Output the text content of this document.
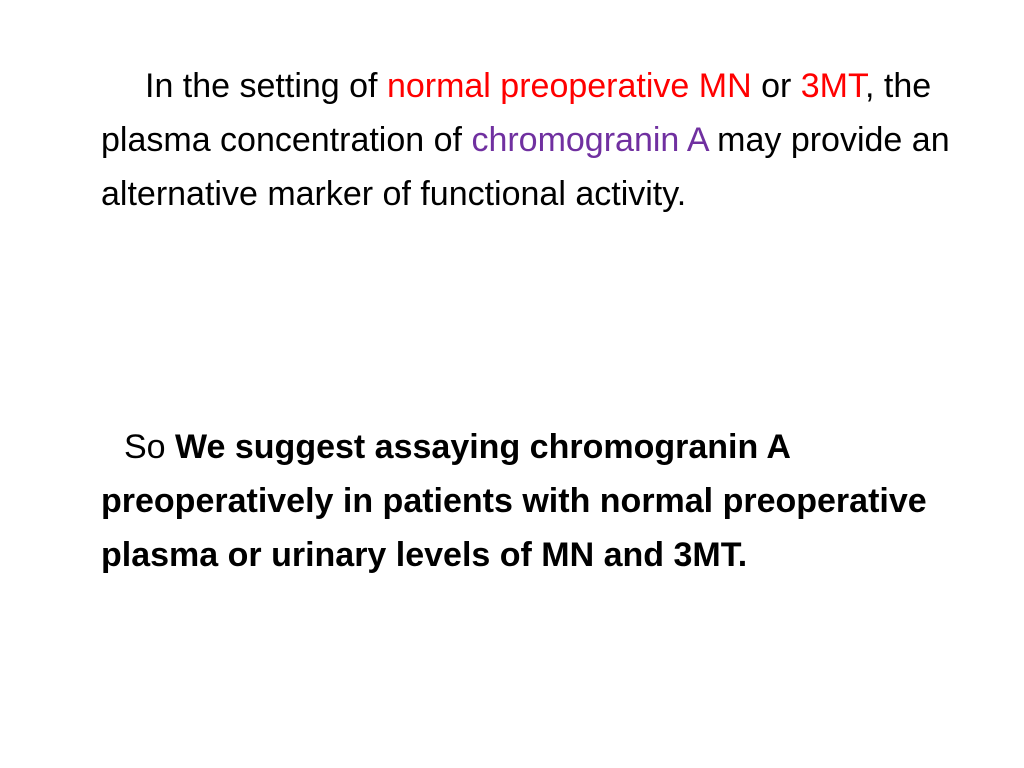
In the setting of normal preoperative MN or 3MT, the plasma concentration of chromogranin A may provide an alternative marker of functional activity.

So We suggest assaying chromogranin A preoperatively in patients with normal preoperative plasma or urinary levels of MN and 3MT.
